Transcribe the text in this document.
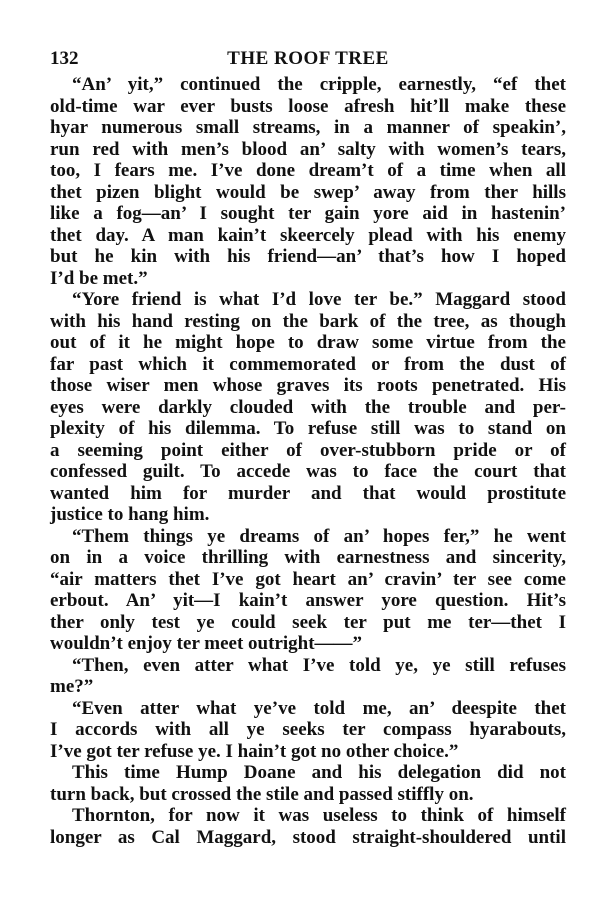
132	THE ROOF TREE
“An’ yit,” continued the cripple, earnestly, “ef thet
old-time war ever busts loose afresh hit’ll make these
hyar numerous small streams, in a manner of speakin’,
run red with men’s blood an’ salty with women’s tears,
too, I fears me. I’ve done dream’t of a time when all
thet pizen blight would be swep’ away from ther hills
like a fog—an’ I sought ter gain yore aid in hastenin’
thet day. A man kain’t skeercely plead with his enemy
but he kin with his friend—an’ that’s how I hoped
I’d be met.”
“Yore friend is what I’d love ter be.” Maggard stood
with his hand resting on the bark of the tree, as though
out of it he might hope to draw some virtue from the
far past which it commemorated or from the dust of
those wiser men whose graves its roots penetrated. His
eyes were darkly clouded with the trouble and per-
plexity of his dilemma. To refuse still was to stand on
a seeming point either of over-stubborn pride or of
confessed guilt. To accede was to face the court that
wanted him for murder and that would prostitute
justice to hang him.
“Them things ye dreams of an’ hopes fer,” he went
on in a voice thrilling with earnestness and sincerity,
“air matters thet I’ve got heart an’ cravin’ ter see come
erbout. An’ yit—I kain’t answer yore question. Hit’s
ther only test ye could seek ter put me ter—thet I
wouldn’t enjoy ter meet outright——”
“Then, even atter what I’ve told ye, ye still refuses
me?”
“Even atter what ye’ve told me, an’ deespite thet
I accords with all ye seeks ter compass hyarabouts,
I’ve got ter refuse ye. I hain’t got no other choice.”
This time Hump Doane and his delegation did not
turn back, but crossed the stile and passed stiffly on.
Thornton, for now it was useless to think of himself
longer as Cal Maggard, stood straight-shouldered until
